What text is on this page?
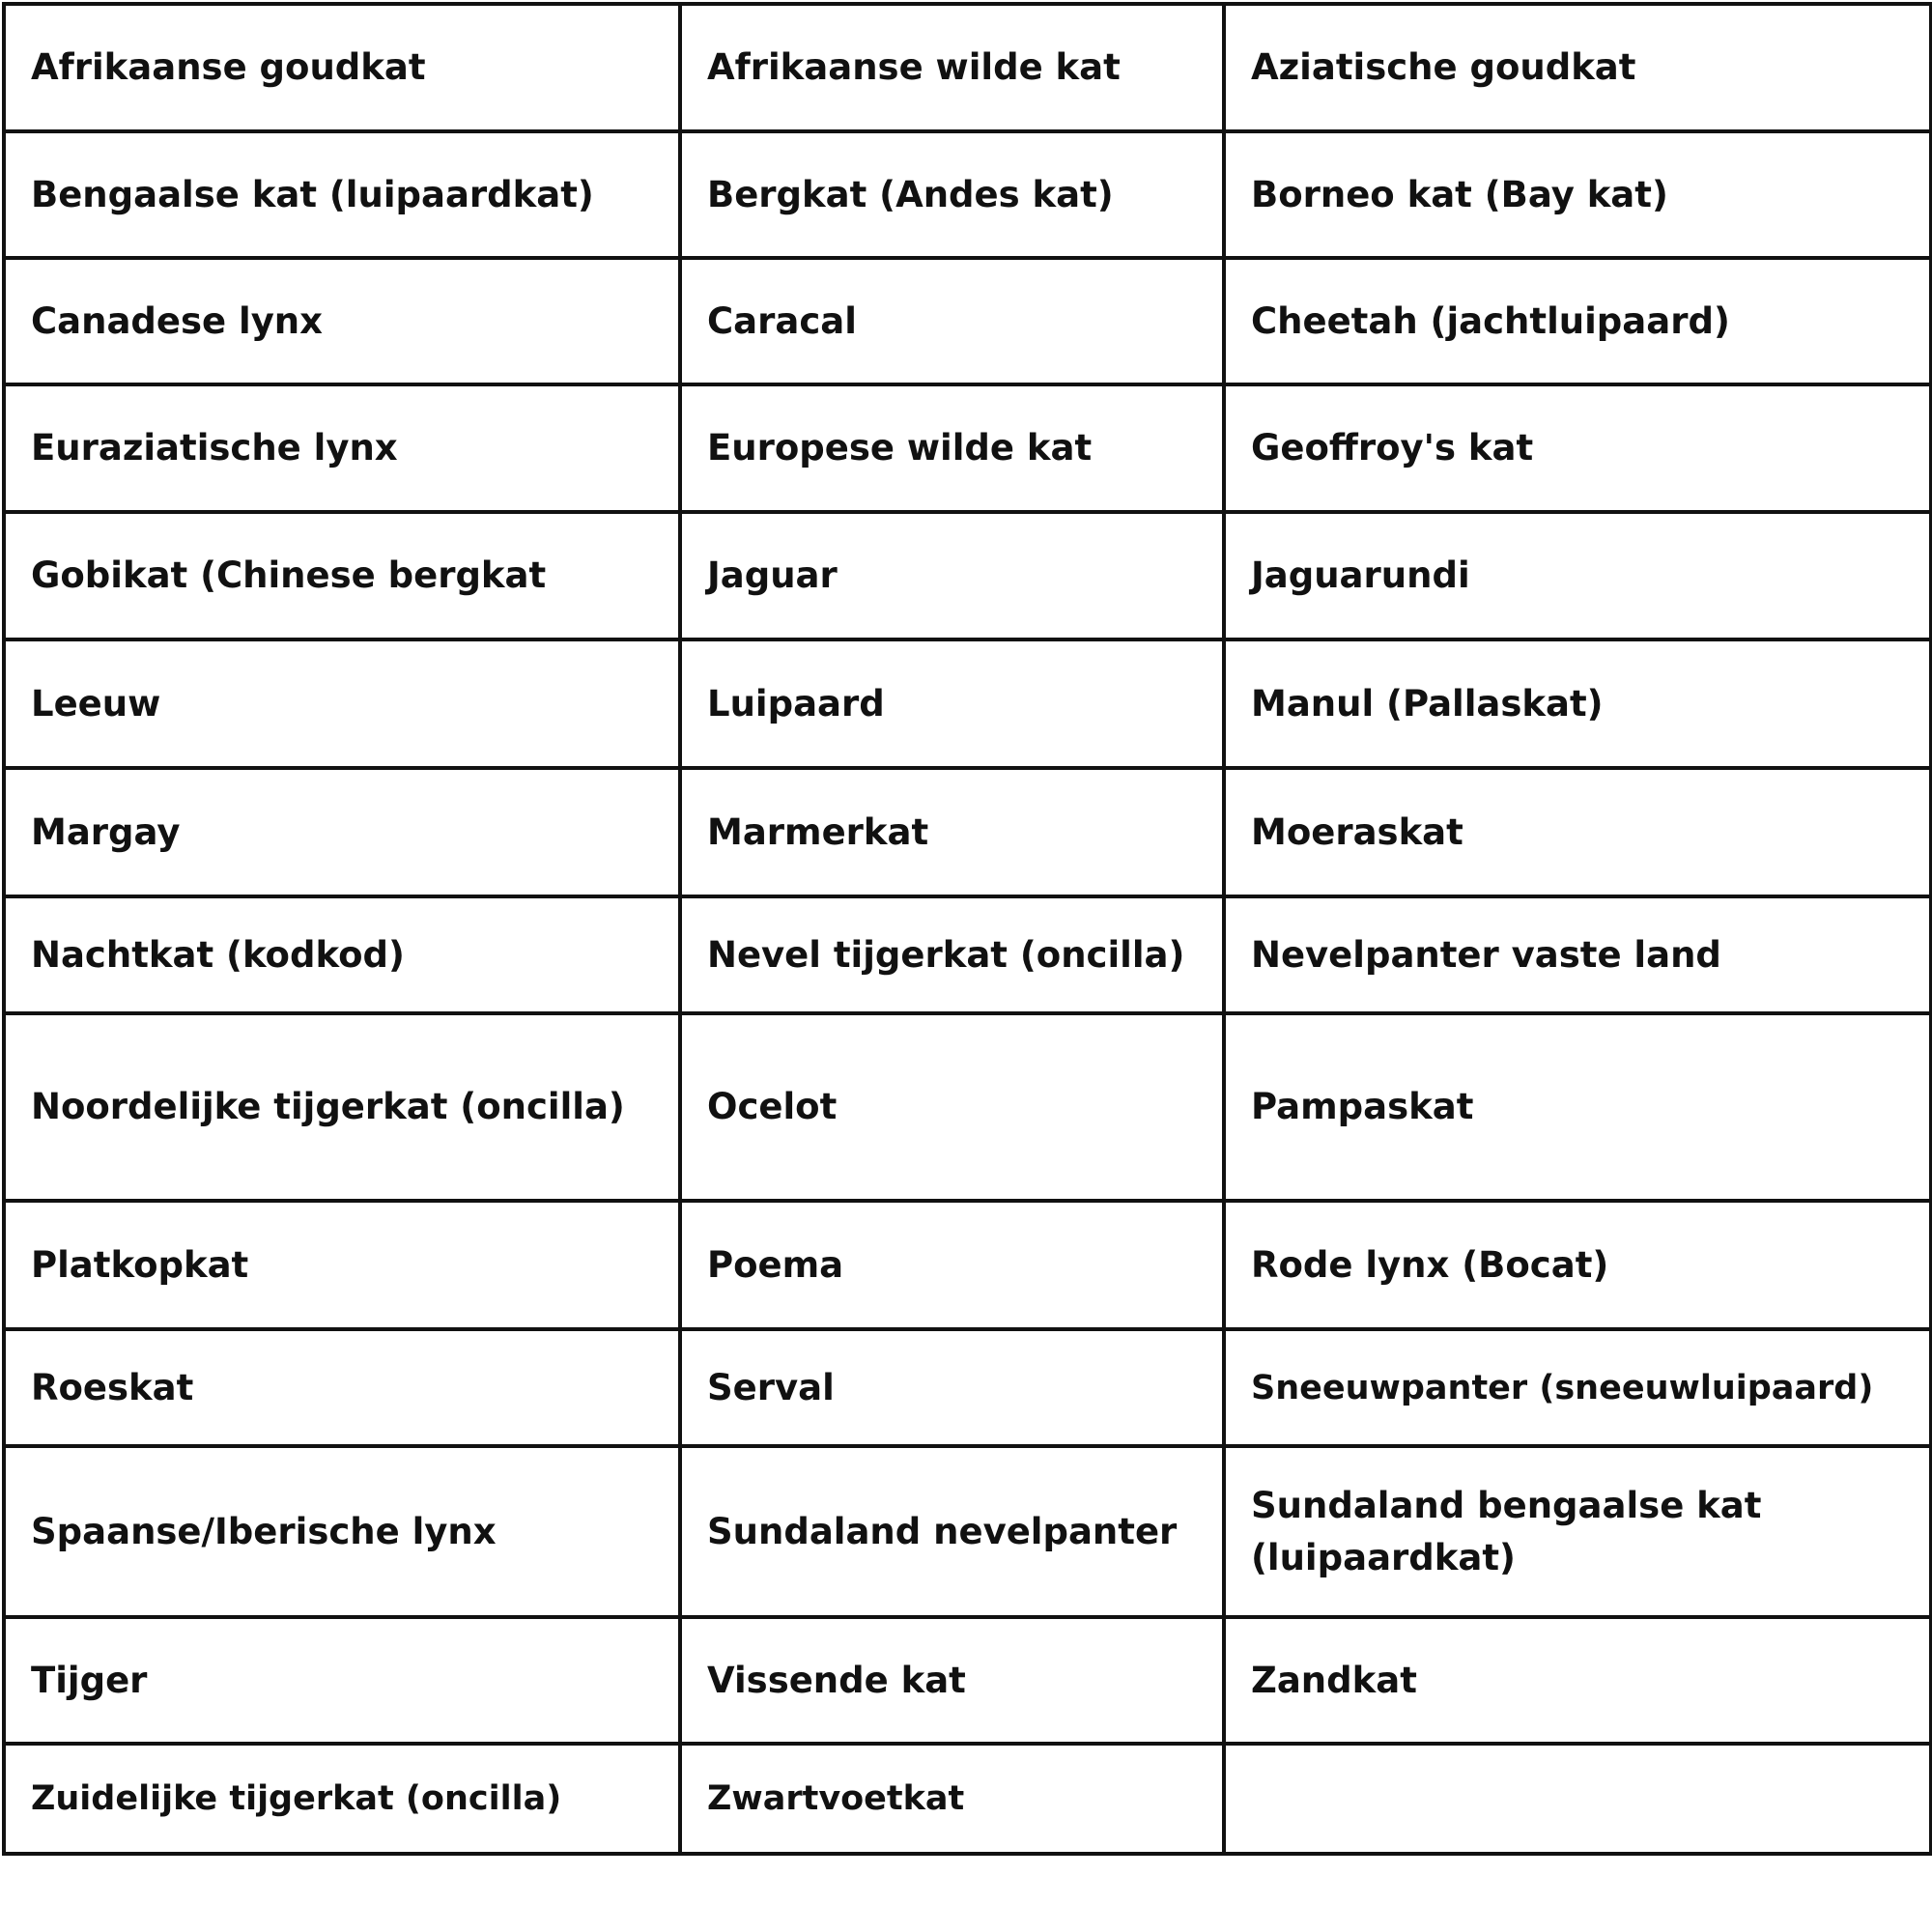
Afrikaanse goudkat	Afrikaanse wilde kat	Aziatische goudkat
Bengaalse kat (luipaardkat)	Bergkat (Andes kat)	Borneo kat (Bay kat)
Canadese lynx	Caracal	Cheetah (jachtluipaard)
Euraziatische lynx	Europese wilde kat	Geoffroy's kat
Gobikat (Chinese bergkat	Jaguar	Jaguarundi
Leeuw	Luipaard	Manul (Pallaskat)
Margay	Marmerkat	Moeraskat
Nachtkat (kodkod)	Nevel tijgerkat (oncilla)	Nevelpanter vaste land
Noordelijke tijgerkat (oncilla)	Ocelot	Pampaskat
Platkopkat	Poema	Rode lynx (Bocat)
Roeskat	Serval	Sneeuwpanter (sneeuwluipaard)
Spaanse/Iberische lynx	Sundaland nevelpanter	Sundaland bengaalse kat (luipaardkat)
Tijger	Vissende kat	Zandkat
Zuidelijke tijgerkat (oncilla)	Zwartvoetkat	
